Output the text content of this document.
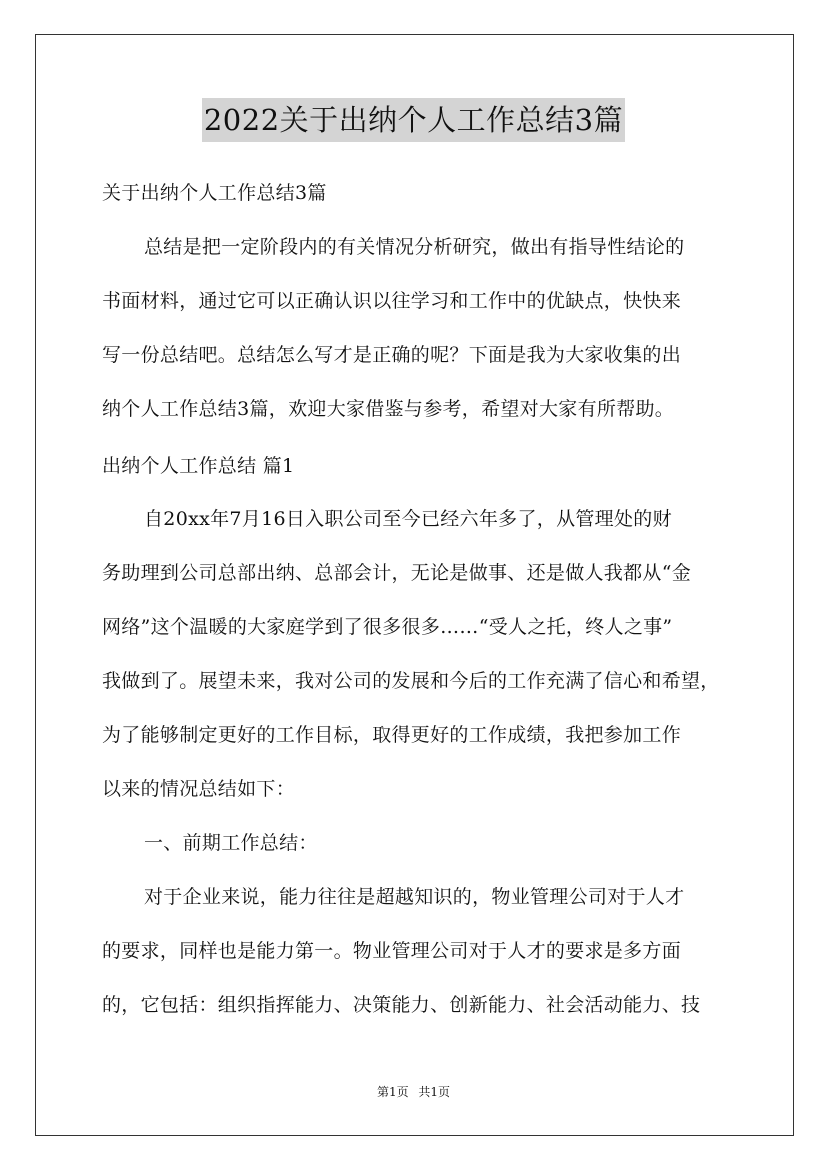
2022关于出纳个人工作总结3篇
关于出纳个人工作总结3篇
总结是把一定阶段内的有关情况分析研究，做出有指导性结论的
书面材料，通过它可以正确认识以往学习和工作中的优缺点，快快来
写一份总结吧。总结怎么写才是正确的呢？下面是我为大家收集的出
纳个人工作总结3篇，欢迎大家借鉴与参考，希望对大家有所帮助。
出纳个人工作总结 篇1
自20xx年7月16日入职公司至今已经六年多了，从管理处的财
务助理到公司总部出纳、总部会计，无论是做事、还是做人我都从“金
网络”这个温暖的大家庭学到了很多很多……“受人之托，终人之事”
我做到了。展望未来，我对公司的发展和今后的工作充满了信心和希望，
为了能够制定更好的工作目标，取得更好的工作成绩，我把参加工作
以来的情况总结如下：
一、前期工作总结：
对于企业来说，能力往往是超越知识的，物业管理公司对于人才
的要求，同样也是能力第一。物业管理公司对于人才的要求是多方面
的，它包括：组织指挥能力、决策能力、创新能力、社会活动能力、技
第1页 共1页
